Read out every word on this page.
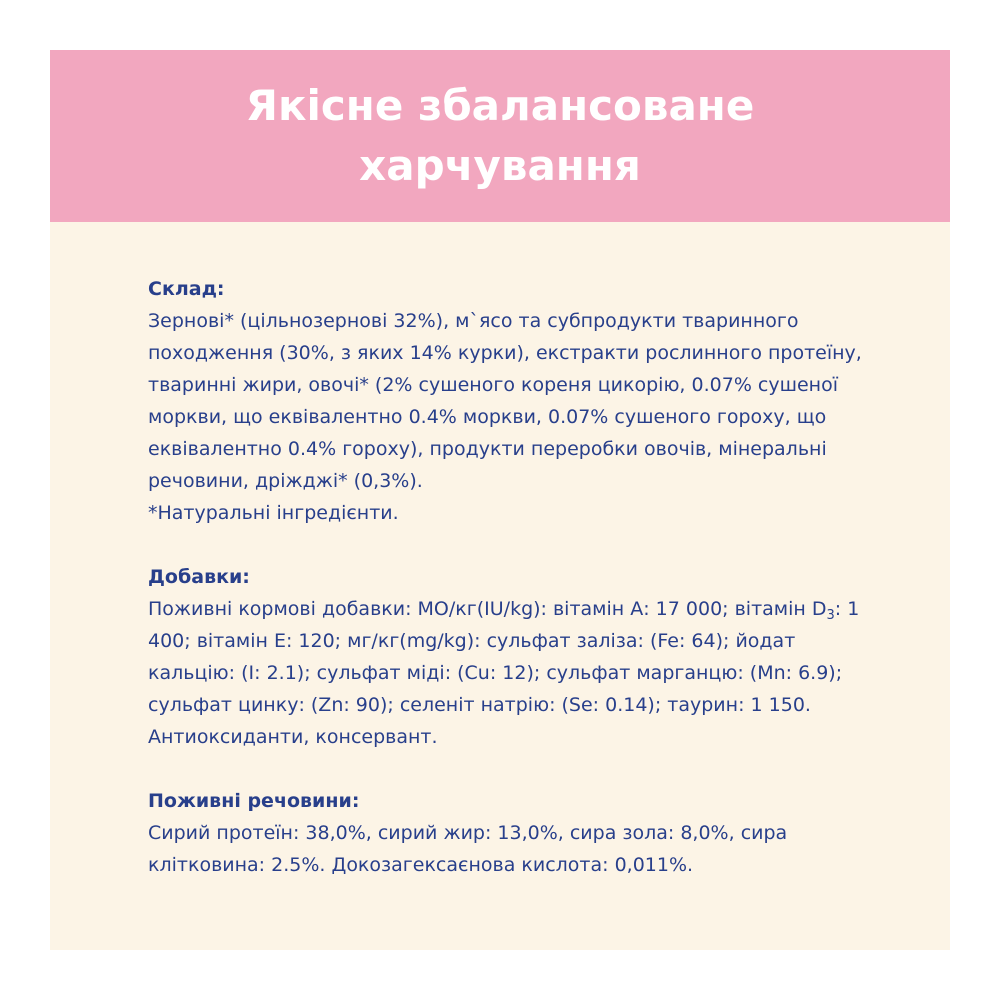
Якісне збалансоване харчування

Склад:

Зернові* (цільнозернові 32%), м`ясо та субпродукти тваринного походження (30%, з яких 14% курки), екстракти рослинного протеїну, тваринні жири, овочі* (2% сушеного кореня цикорію, 0.07% сушеної моркви, що еквівалентно 0.4% моркви, 0.07% сушеного гороху, що еквівалентно 0.4% гороху), продукти переробки овочів, мінеральні речовини, дріжджі* (0,3%).

*Натуральні інгредієнти.

Добавки:

Поживні кормові добавки: МО/кг(IU/kg): вітамін А: 17 000; вітамін $D_3$: 1 400; вітамін Е: 120; мг/кг(mg/kg): сульфат заліза: (Fe: 64); йодат кальцію: (I: 2.1); сульфат міді: (Cu: 12); сульфат марганцю: (Mn: 6.9); сульфат цинку: (Zn: 90); селеніт натрію: (Se: 0.14); таурин: 1 150. Антиоксиданти, консервант.

Поживні речовини:

Сирий протеїн: 38,0%, сирий жир: 13,0%, сира зола: 8,0%, сира клітковина: 2.5%. Докозагексаєнова кислота: 0,011%.
